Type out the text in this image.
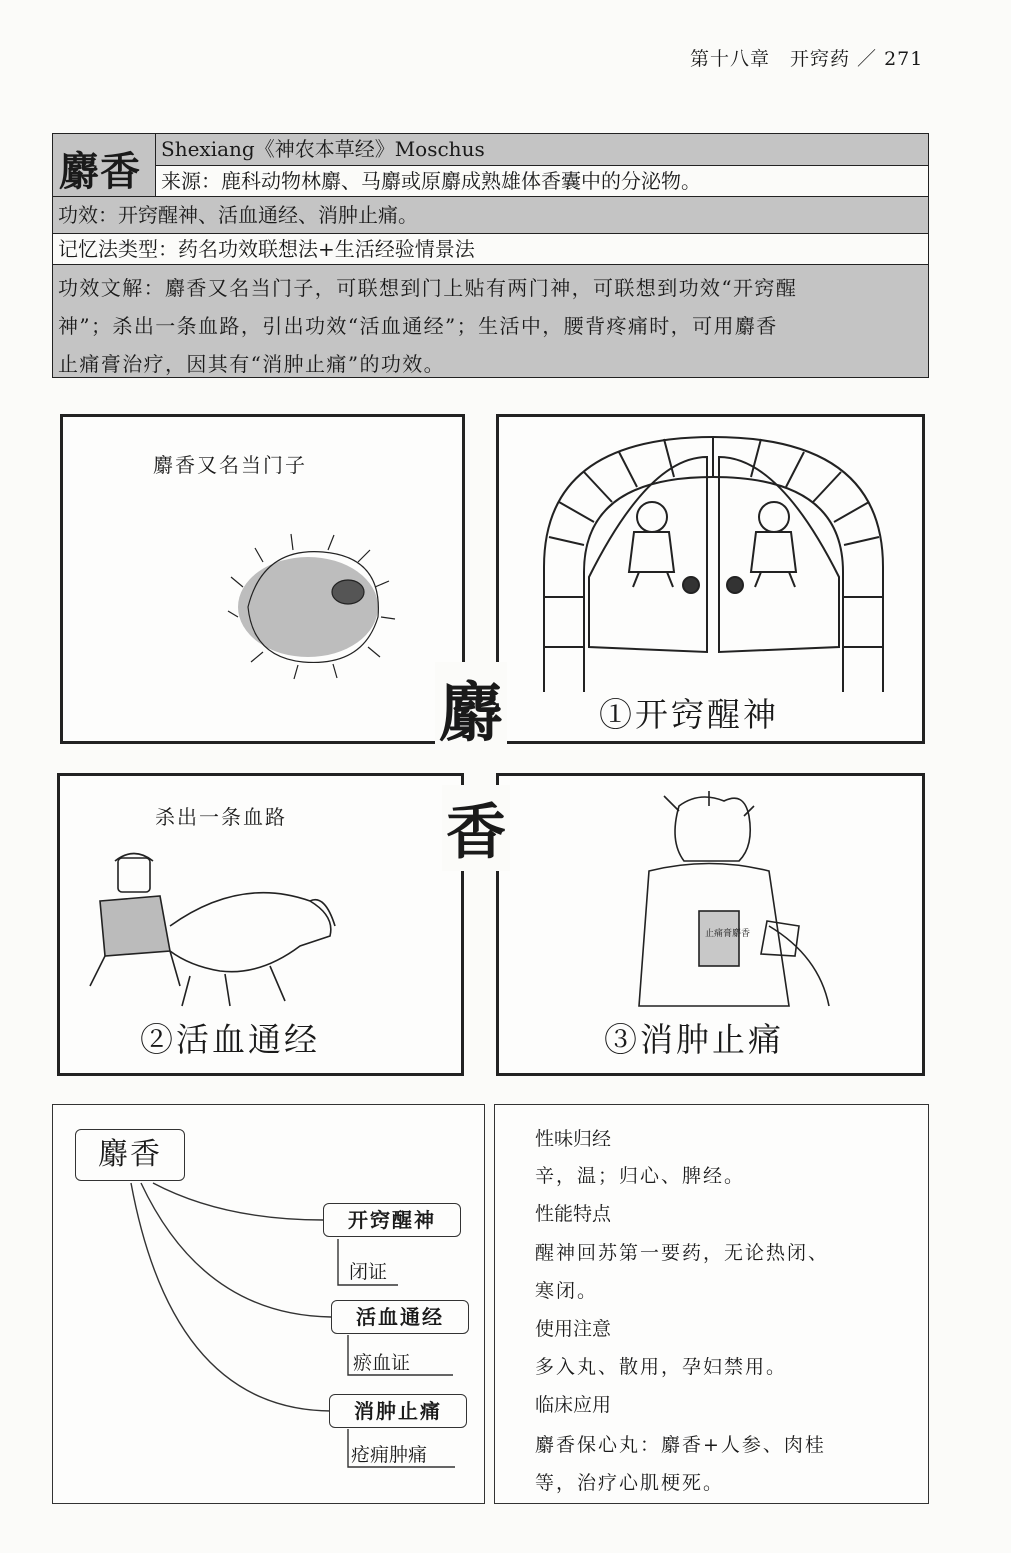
第十八章　开窍药 ／ 271
麝香	Shexiang《神农本草经》Moschus
来源：鹿科动物林麝、马麝或原麝成熟雄体香囊中的分泌物。
功效：开窍醒神、活血通经、消肿止痛。
记忆法类型：药名功效联想法+生活经验情景法
功效文解：麝香又名当门子，可联想到门上贴有两门神，可联想到功效“开窍醒
神”；杀出一条血路，引出功效“活血通经”；生活中，腰背疼痛时，可用麝香
止痛膏治疗，因其有“消肿止痛”的功效。
麝香又名当门子
①开窍醒神
杀出一条血路
②活血通经
止痛膏麝香
③消肿止痛
麝
香
麝香
开窍醒神
闭证
活血通经
瘀血证
消肿止痛
疮痈肿痛
性味归经
辛，温；归心、脾经。
性能特点
醒神回苏第一要药，无论热闭、
寒闭。
使用注意
多入丸、散用，孕妇禁用。
临床应用
麝香保心丸：麝香+人参、肉桂
等，治疗心肌梗死。
